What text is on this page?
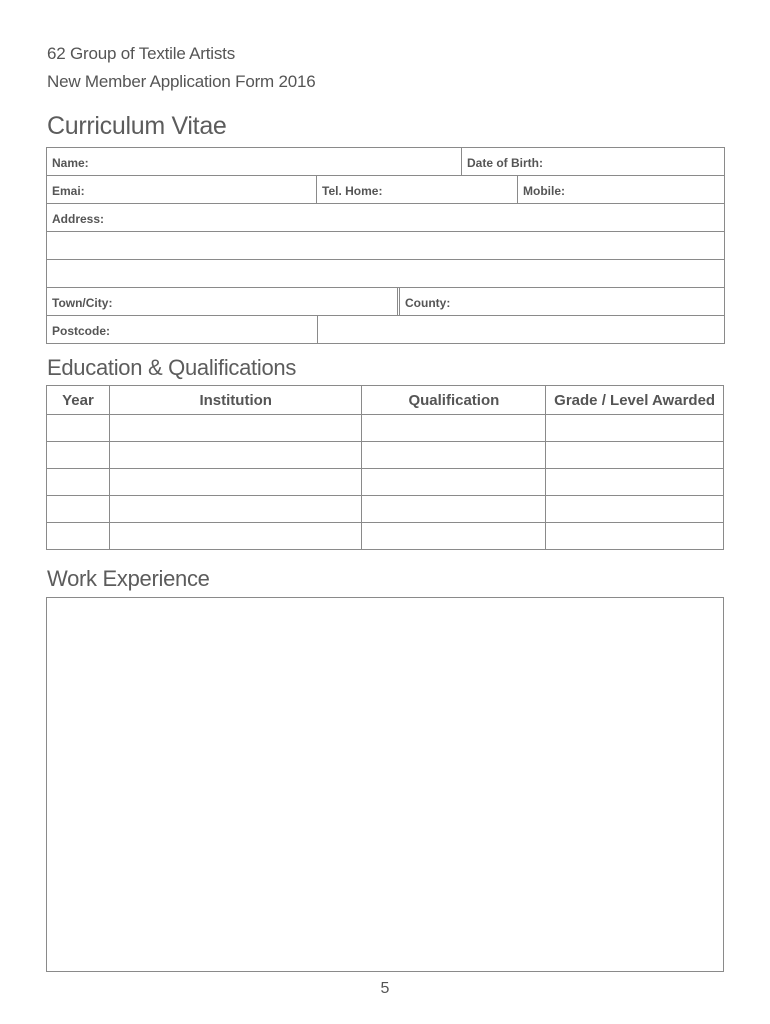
62 Group of Textile Artists
New Member Application Form 2016
Curriculum Vitae
Name:	Date of Birth:
Emai:	Tel. Home:	Mobile:
Address:
Town/City:	County:
Postcode:
Education & Qualifications
Year	Institution	Qualification	Grade / Level Awarded

Work Experience
5
